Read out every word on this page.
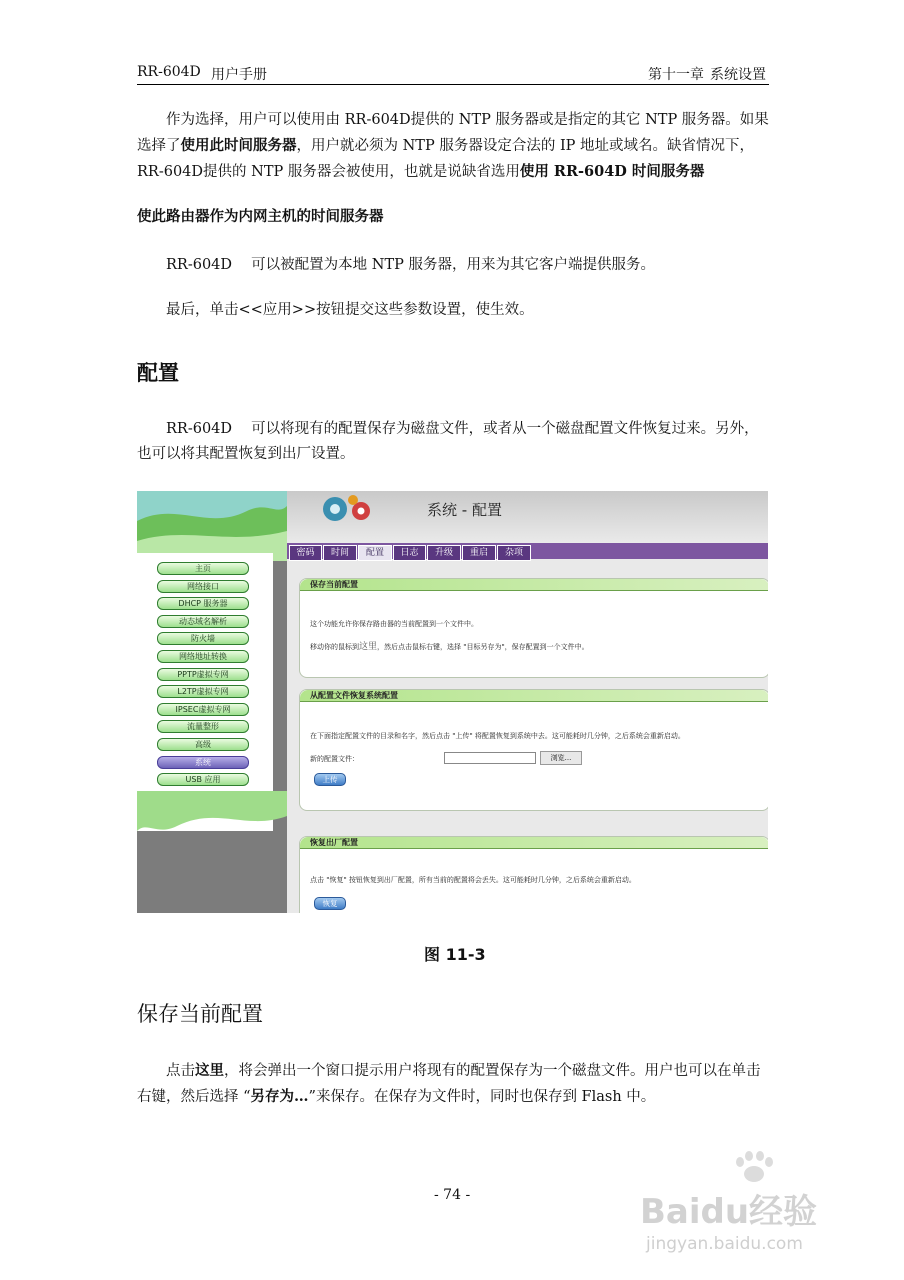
RR-604D 用户手册	第十一章 系统设置
作为选择，用户可以使用由 RR-604D提供的 NTP 服务器或是指定的其它 NTP 服务器。如果选择了使用此时间服务器，用户就必须为 NTP 服务器设定合法的 IP 地址或域名。缺省情况下，RR-604D提供的 NTP 服务器会被使用，也就是说缺省选用使用 RR-604D 时间服务器
使此路由器作为内网主机的时间服务器
RR-604D　 可以被配置为本地 NTP 服务器，用来为其它客户端提供服务。
最后，单击<<应用>>按钮提交这些参数设置，使生效。
配置
RR-604D　 可以将现有的配置保存为磁盘文件，或者从一个磁盘配置文件恢复过来。另外，也可以将其配置恢复到出厂设置。
主页
网络接口
DHCP 服务器
动态域名解析
防火墙
网络地址转换
PPTP虚拟专网
L2TP虚拟专网
IPSEC虚拟专网
流量整形
高级
系统
USB 应用
系统 - 配置
密码	时间	配置	日志	升级	重启	杂项
保存当前配置
这个功能允许你保存路由器的当前配置到一个文件中。
移动你的鼠标到这里，然后点击鼠标右键，选择 "目标另存为"，保存配置到一个文件中。
从配置文件恢复系统配置
在下面指定配置文件的目录和名字，然后点击 "上传" 将配置恢复到系统中去。这可能耗时几分钟，之后系统会重新启动。
新的配置文件：	浏览...
上传
恢复出厂配置
点击 "恢复" 按钮恢复到出厂配置，所有当前的配置将会丢失。这可能耗时几分钟，之后系统会重新启动。
恢复
图 11-3
保存当前配置
点击这里，将会弹出一个窗口提示用户将现有的配置保存为一个磁盘文件。用户也可以在单击右键，然后选择 “另存为…”来保存。在保存为文件时，同时也保存到 Flash 中。
- 74 -	Baidu经验
jingyan.baidu.com
